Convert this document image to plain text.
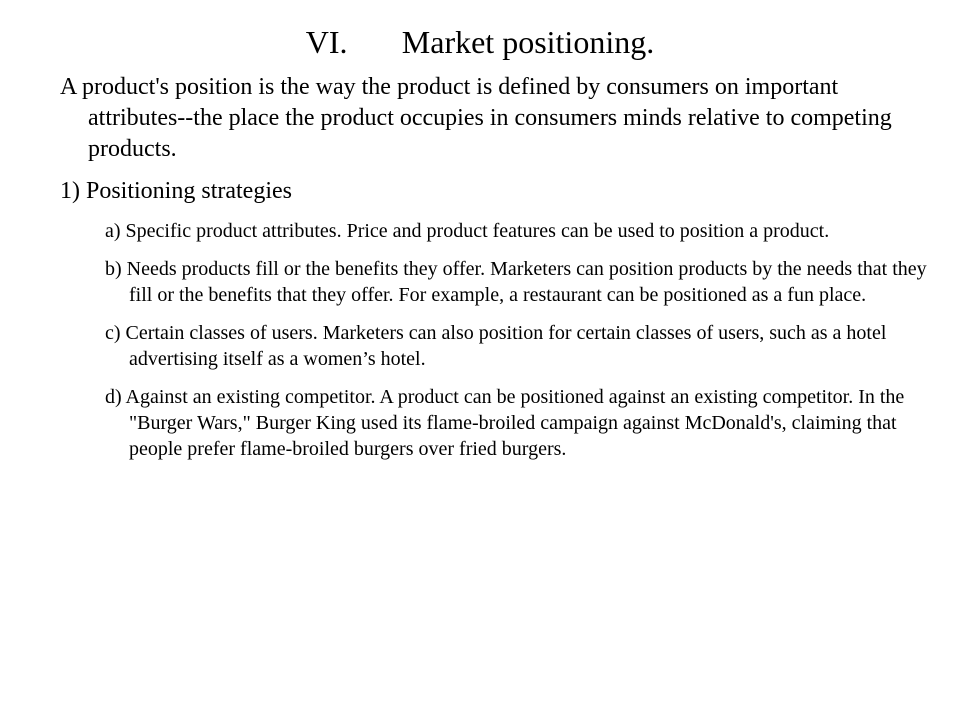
VI. Market positioning.

A product's position is the way the product is defined by consumers on important attributes--the place the product occupies in consumers minds relative to competing products.

1) Positioning strategies

a) Specific product attributes. Price and product features can be used to position a product.
b) Needs products fill or the benefits they offer. Marketers can position products by the needs that they fill or the benefits that they offer. For example, a restaurant can be positioned as a fun place.
c) Certain classes of users. Marketers can also position for certain classes of users, such as a hotel advertising itself as a women’s hotel.
d) Against an existing competitor. A product can be positioned against an existing competitor. In the "Burger Wars," Burger King used its flame-broiled campaign against McDonald's, claiming that people prefer flame-broiled burgers over fried burgers.
